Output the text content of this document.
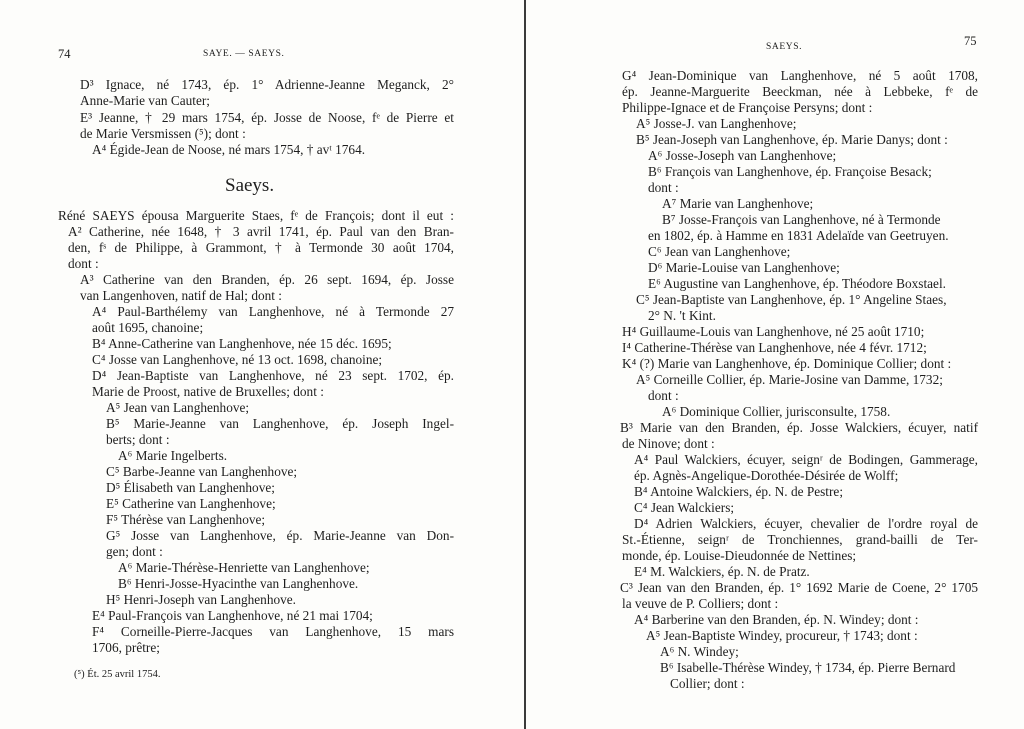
74	SAYE. — SAEYS.
D³ Ignace, né 1743, ép. 1° Adrienne-Jeanne Meganck, 2°
Anne-Marie van Cauter;
E³ Jeanne, † 29 mars 1754, ép. Josse de Noose, fᵉ de Pierre et
de Marie Versmissen (⁵); dont :
A⁴ Égide-Jean de Noose, né mars 1754, † avᵗ 1764.
Saeys.
Réné SAEYS épousa Marguerite Staes, fᵉ de François; dont il eut :
A² Catherine, née 1648, † 3 avril 1741, ép. Paul van den Bran-
den, fˢ de Philippe, à Grammont, † à Termonde 30 août 1704,
dont :
A³ Catherine van den Branden, ép. 26 sept. 1694, ép. Josse
van Langenhoven, natif de Hal; dont :
A⁴ Paul-Barthélemy van Langhenhove, né à Termonde 27
août 1695, chanoine;
B⁴ Anne-Catherine van Langhenhove, née 15 déc. 1695;
C⁴ Josse van Langhenhove, né 13 oct. 1698, chanoine;
D⁴ Jean-Baptiste van Langhenhove, né 23 sept. 1702, ép.
Marie de Proost, native de Bruxelles; dont :
A⁵ Jean van Langhenhove;
B⁵ Marie-Jeanne van Langhenhove, ép. Joseph Ingel-
berts; dont :
A⁶ Marie Ingelberts.
C⁵ Barbe-Jeanne van Langhenhove;
D⁵ Élisabeth van Langhenhove;
E⁵ Catherine van Langhenhove;
F⁵ Thérèse van Langhenhove;
G⁵ Josse van Langhenhove, ép. Marie-Jeanne van Don-
gen; dont :
A⁶ Marie-Thérèse-Henriette van Langhenhove;
B⁶ Henri-Josse-Hyacinthe van Langhenhove.
H⁵ Henri-Joseph van Langhenhove.
E⁴ Paul-François van Langhenhove, né 21 mai 1704;
F⁴ Corneille-Pierre-Jacques van Langhenhove, 15 mars
1706, prêtre;
(⁵) Ét. 25 avril 1754.
SAEYS.	75
G⁴ Jean-Dominique van Langhenhove, né 5 août 1708,
ép. Jeanne-Marguerite Beeckman, née à Lebbeke, fᵉ de
Philippe-Ignace et de Françoise Persyns; dont :
A⁵ Josse-J. van Langhenhove;
B⁵ Jean-Joseph van Langhenhove, ép. Marie Danys; dont :
A⁶ Josse-Joseph van Langhenhove;
B⁶ François van Langhenhove, ép. Françoise Besack;
dont :
A⁷ Marie van Langhenhove;
B⁷ Josse-François van Langhenhove, né à Termonde
en 1802, ép. à Hamme en 1831 Adelaïde van Geetruyen.
C⁶ Jean van Langhenhove;
D⁶ Marie-Louise van Langhenhove;
E⁶ Augustine van Langhenhove, ép. Théodore Boxstael.
C⁵ Jean-Baptiste van Langhenhove, ép. 1° Angeline Staes,
2° N. 't Kint.
H⁴ Guillaume-Louis van Langhenhove, né 25 août 1710;
I⁴ Catherine-Thérèse van Langhenhove, née 4 févr. 1712;
K⁴ (?) Marie van Langhenhove, ép. Dominique Collier; dont :
A⁵ Corneille Collier, ép. Marie-Josine van Damme, 1732;
dont :
A⁶ Dominique Collier, jurisconsulte, 1758.
B³ Marie van den Branden, ép. Josse Walckiers, écuyer, natif
de Ninove; dont :
A⁴ Paul Walckiers, écuyer, seignʳ de Bodingen, Gammerage,
ép. Agnès-Angelique-Dorothée-Désirée de Wolff;
B⁴ Antoine Walckiers, ép. N. de Pestre;
C⁴ Jean Walckiers;
D⁴ Adrien Walckiers, écuyer, chevalier de l'ordre royal de
St.-Étienne, seignʳ de Tronchiennes, grand-bailli de Ter-
monde, ép. Louise-Dieudonnée de Nettines;
E⁴ M. Walckiers, ép. N. de Pratz.
C³ Jean van den Branden, ép. 1° 1692 Marie de Coene, 2° 1705
la veuve de P. Colliers; dont :
A⁴ Barberine van den Branden, ép. N. Windey; dont :
A⁵ Jean-Baptiste Windey, procureur, † 1743; dont :
A⁶ N. Windey;
B⁶ Isabelle-Thérèse Windey, † 1734, ép. Pierre Bernard
Collier; dont :
